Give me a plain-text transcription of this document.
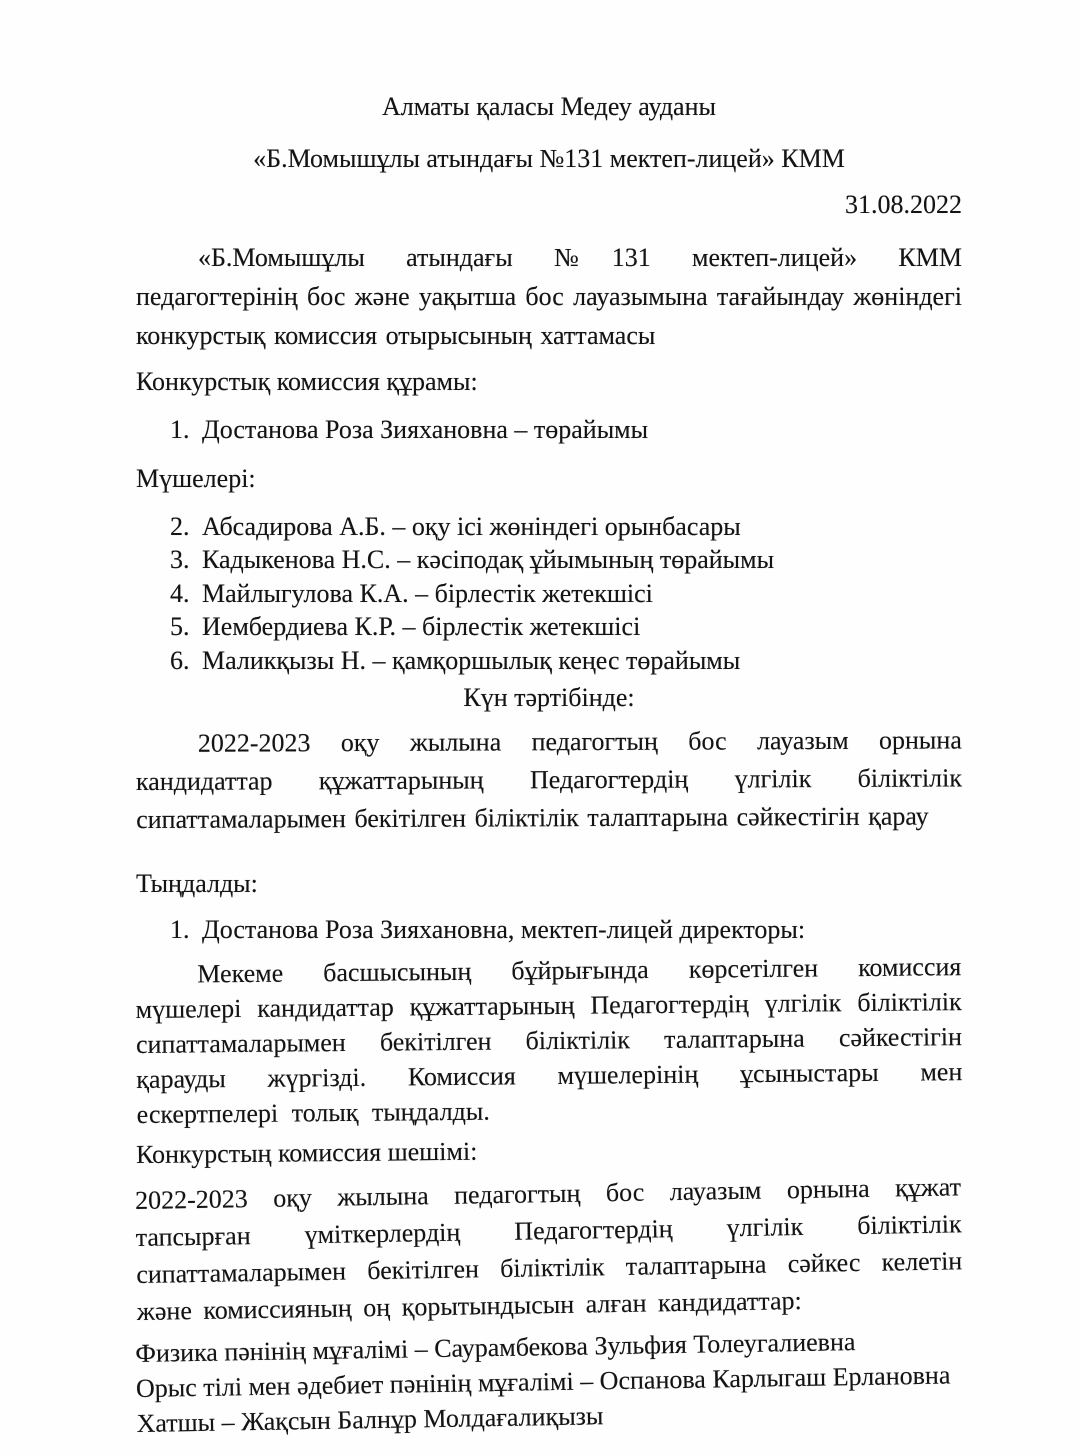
Алматы қаласы Медеу ауданы
«Б.Момышұлы атындағы №131 мектеп-лицей» КММ
31.08.2022

«Б.Момышұлы атындағы №131 мектеп-лицей» КММ педагогтерінің бос және уақытша бос лауазымына тағайындау жөніндегі конкурстық комиссия отырысының хаттамасы

Конкурстық комиссия құрамы:
1. Достанова Роза Зияхановна – төрайымы
Мүшелері:
2. Абсадирова А.Б. – оқу ісі жөніндегі орынбасары
3. Кадыкенова Н.С. – кәсіподақ ұйымының төрайымы
4. Майлыгулова К.А. – бірлестік жетекшісі
5. Иембердиева К.Р. – бірлестік жетекшісі
6. Маликқызы Н. – қамқоршылық кеңес төрайымы
Күн тәртібінде:

2022-2023 оқу жылына педагогтың бос лауазым орнына кандидаттар құжаттарының Педагогтердің үлгілік біліктілік сипаттамаларымен бекітілген біліктілік талаптарына сәйкестігін қарау

Тыңдалды:
1. Достанова Роза Зияхановна, мектеп-лицей директоры:

Мекеме басшысының бұйрығында көрсетілген комиссия мүшелері кандидаттар құжаттарының Педагогтердің үлгілік біліктілік сипаттамаларымен бекітілген біліктілік талаптарына сәйкестігін қарауды жүргізді. Комиссия мүшелерінің ұсыныстары мен ескертпелері толық тыңдалды.

Конкурстың комиссия шешімі:

2022-2023 оқу жылына педагогтың бос лауазым орнына құжат тапсырған үміткерлердің Педагогтердің үлгілік біліктілік сипаттамаларымен бекітілген біліктілік талаптарына сәйкес келетін және комиссияның оң қорытындысын алған кандидаттар:

Физика пәнінің мұғалімі – Саурамбекова Зульфия Толеугалиевна
Орыс тілі мен әдебиет пәнінің мұғалімі – Оспанова Карлыгаш Ерлановна
Хатшы – Жақсын Балнұр Молдағалиқызы
